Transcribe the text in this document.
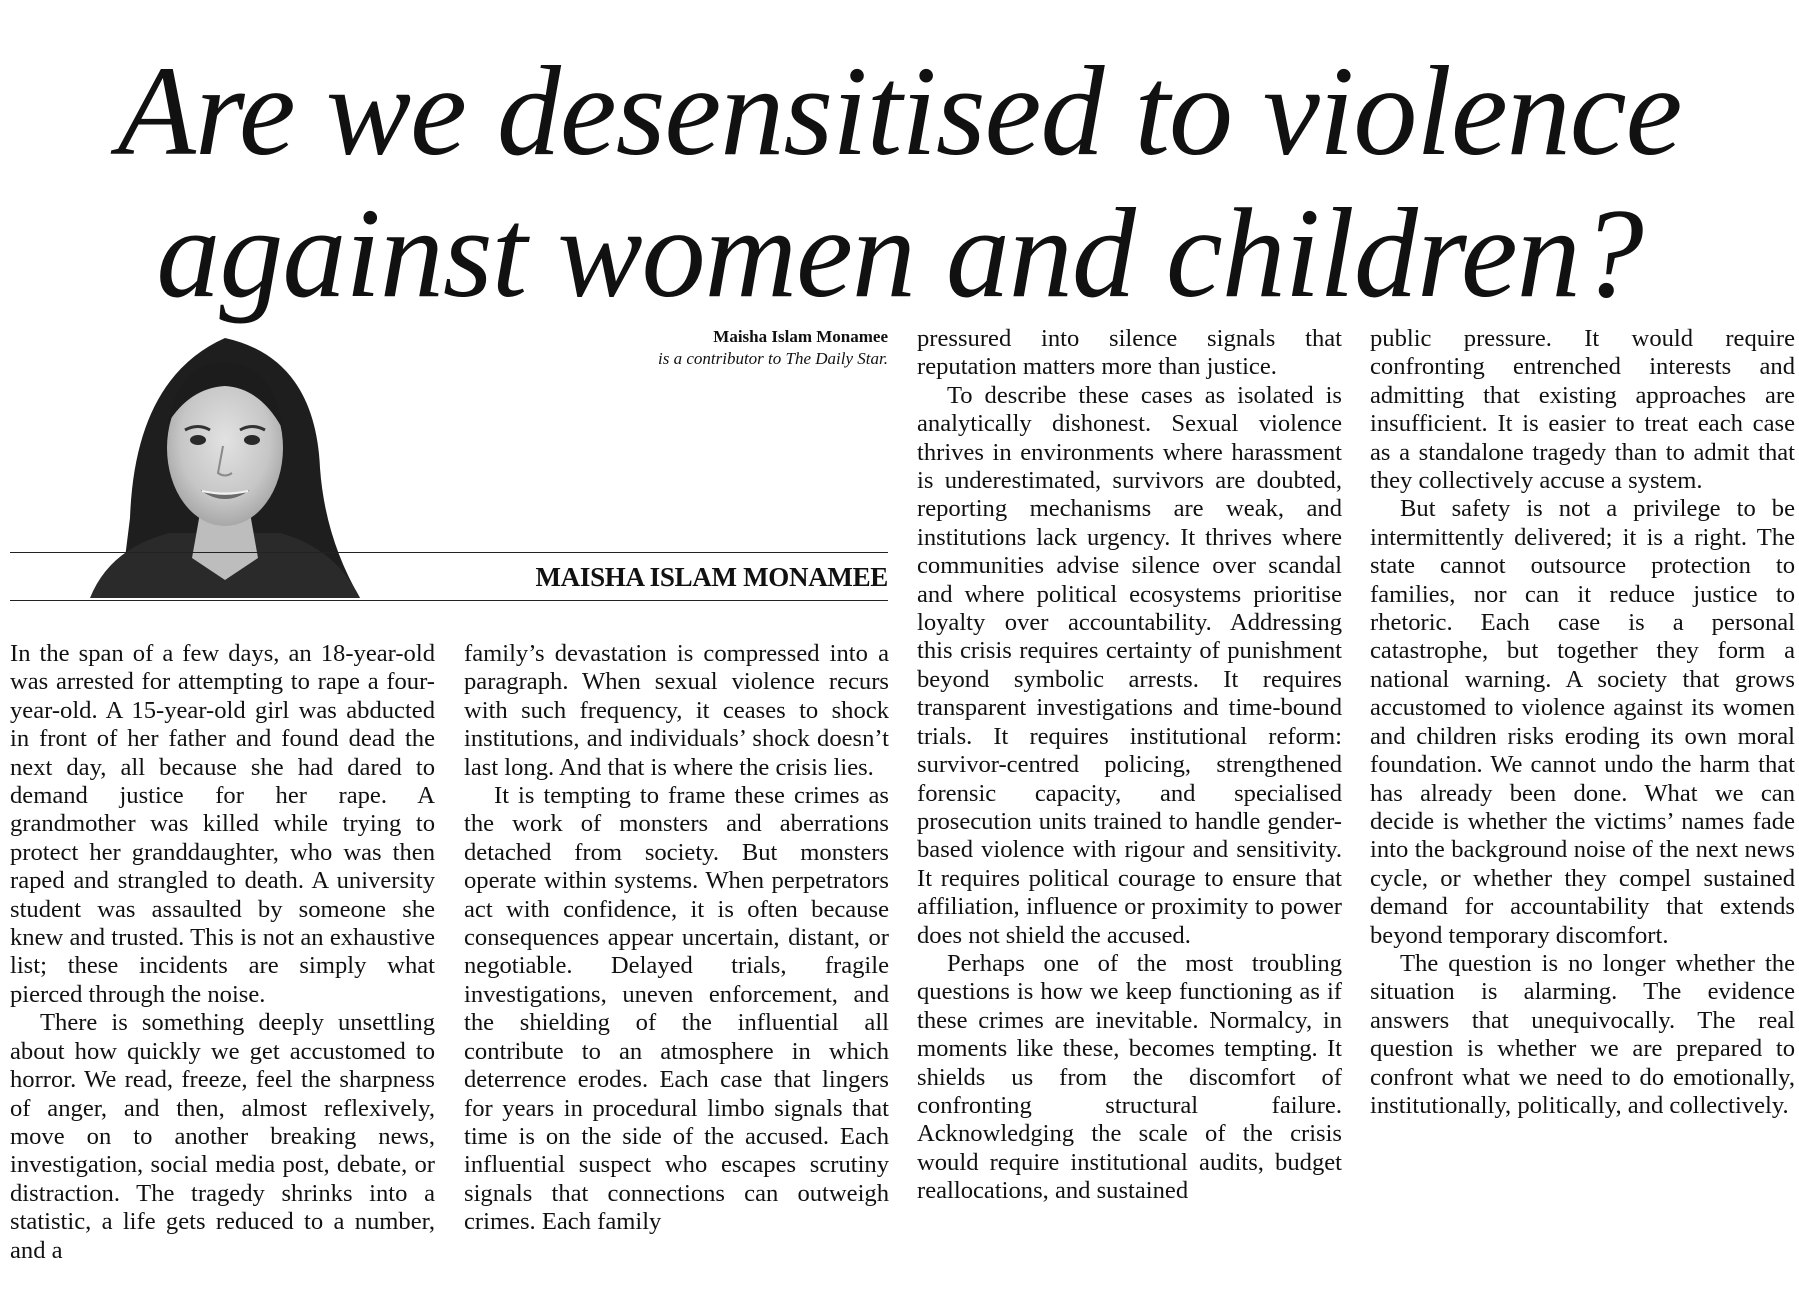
Are we desensitised to violence
against women and children?
Maisha Islam Monamee
is a contributor to The Daily Star.
MAISHA ISLAM MONAMEE

In the span of a few days, an 18-year-old was arrested for attempting to rape a four-year-old. A 15-year-old girl was abducted in front of her father and found dead the next day, all because she had dared to demand justice for her rape. A grandmother was killed while trying to protect her granddaughter, who was then raped and strangled to death. A university student was assaulted by someone she knew and trusted. This is not an exhaustive list; these incidents are simply what pierced through the noise.

There is something deeply unsettling about how quickly we get accustomed to horror. We read, freeze, feel the sharpness of anger, and then, almost reflexively, move on to another breaking news, investigation, social media post, debate, or distraction. The tragedy shrinks into a statistic, a life gets reduced to a number, and a

family’s devastation is compressed into a paragraph. When sexual violence recurs with such frequency, it ceases to shock institutions, and individuals’ shock doesn’t last long. And that is where the crisis lies.

It is tempting to frame these crimes as the work of monsters and aberrations detached from society. But monsters operate within systems. When perpetrators act with confidence, it is often because consequences appear uncertain, distant, or negotiable. Delayed trials, fragile investigations, uneven enforcement, and the shielding of the influential all contribute to an atmosphere in which deterrence erodes. Each case that lingers for years in procedural limbo signals that time is on the side of the accused. Each influential suspect who escapes scrutiny signals that connections can outweigh crimes. Each family

pressured into silence signals that reputation matters more than justice.

To describe these cases as isolated is analytically dishonest. Sexual violence thrives in environments where harassment is underestimated, survivors are doubted, reporting mechanisms are weak, and institutions lack urgency. It thrives where communities advise silence over scandal and where political ecosystems prioritise loyalty over accountability. Addressing this crisis requires certainty of punishment beyond symbolic arrests. It requires transparent investigations and time-bound trials. It requires institutional reform: survivor-centred policing, strengthened forensic capacity, and specialised prosecution units trained to handle gender-based violence with rigour and sensitivity. It requires political courage to ensure that affiliation, influence or proximity to power does not shield the accused.

Perhaps one of the most troubling questions is how we keep functioning as if these crimes are inevitable. Normalcy, in moments like these, becomes tempting. It shields us from the discomfort of confronting structural failure. Acknowledging the scale of the crisis would require institutional audits, budget reallocations, and sustained

public pressure. It would require confronting entrenched interests and admitting that existing approaches are insufficient. It is easier to treat each case as a standalone tragedy than to admit that they collectively accuse a system.

But safety is not a privilege to be intermittently delivered; it is a right. The state cannot outsource protection to families, nor can it reduce justice to rhetoric. Each case is a personal catastrophe, but together they form a national warning. A society that grows accustomed to violence against its women and children risks eroding its own moral foundation. We cannot undo the harm that has already been done. What we can decide is whether the victims’ names fade into the background noise of the next news cycle, or whether they compel sustained demand for accountability that extends beyond temporary discomfort.

The question is no longer whether the situation is alarming. The evidence answers that unequivocally. The real question is whether we are prepared to confront what we need to do emotionally, institutionally, politically, and collectively.
